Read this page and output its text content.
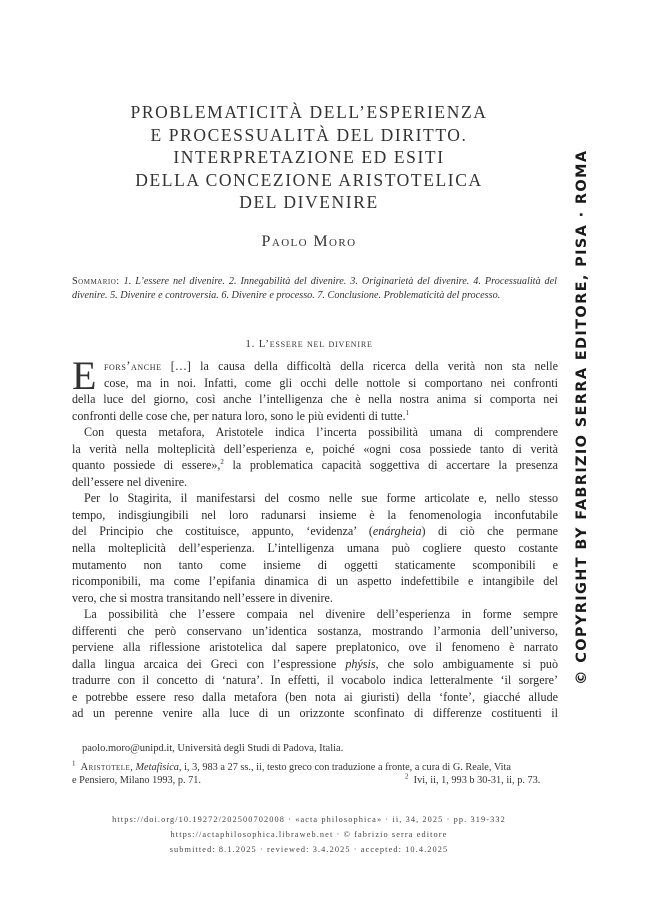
PROBLEMATICITÀ DELL’ESPERIENZA
E PROCESSUALITÀ DEL DIRITTO.
INTERPRETAZIONE ED ESITI
DELLA CONCEZIONE ARISTOTELICA
DEL DIVENIRE
Paolo Moro
Sommario: 1. L’essere nel divenire. 2. Innegabilità del divenire. 3. Originarietà del divenire. 4. Processualità del divenire. 5. Divenire e controversia. 6. Divenire e processo. 7. Conclusione. Problematicità del processo.
1. L’essere nel divenire
E fors’anche […] la causa della difficoltà della ricerca della verità non sta nelle
cose, ma in noi. Infatti, come gli occhi delle nottole si comportano nei confronti
della luce del giorno, così anche l’intelligenza che è nella nostra anima si comporta nei
confronti delle cose che, per natura loro, sono le più evidenti di tutte.$^1$
Con questa metafora, Aristotele indica l’incerta possibilità umana di comprendere
la verità nella molteplicità dell’esperienza e, poiché «ogni cosa possiede tanto di verità
quanto possiede di essere»,$^2$ la problematica capacità soggettiva di accertare la presenza
dell’essere nel divenire.
Per lo Stagirita, il manifestarsi del cosmo nelle sue forme articolate e, nello stesso
tempo, indisgiungibili nel loro radunarsi insieme è la fenomenologia inconfutabile
del Principio che costituisce, appunto, ‘evidenza’ (enárgheia) di ciò che permane
nella molteplicità dell’esperienza. L’intelligenza umana può cogliere questo costante
mutamento non tanto come insieme di oggetti staticamente scomponibili e
ricomponibili, ma come l’epifania dinamica di un aspetto indefettibile e intangibile del
vero, che si mostra transitando nell’essere in divenire.
La possibilità che l’essere compaia nel divenire dell’esperienza in forme sempre
differenti che però conservano un’identica sostanza, mostrando l’armonia dell’universo,
perviene alla riflessione aristotelica dal sapere preplatonico, ove il fenomeno è narrato
dalla lingua arcaica dei Greci con l’espressione phýsis, che solo ambiguamente si può
tradurre con il concetto di ‘natura’. In effetti, il vocabolo indica letteralmente ‘il sorgere’
e potrebbe essere reso dalla metafora (ben nota ai giuristi) della ‘fonte’, giacché allude
ad un perenne venire alla luce di un orizzonte sconfinato di differenze costituenti il
paolo.moro@unipd.it, Università degli Studi di Padova, Italia.
$^1$ Aristotele, Metafisica, i, 3, 983 a 27 ss., ii, testo greco con traduzione a fronte, a cura di G. Reale, Vita
e Pensiero, Milano 1993, p. 71.	$^2$ Ivi, ii, 1, 993 b 30-31, ii, p. 73.
https://doi.org/10.19272/202500702008 · «acta philosophica» · ii, 34, 2025 · pp. 319-332
https://actaphilosophica.libraweb.net · © fabrizio serra editore
submitted: 8.1.2025 · reviewed: 3.4.2025 · accepted: 10.4.2025
© COPYRIGHT BY FABRIZIO SERRA EDITORE, PISA · ROMA
